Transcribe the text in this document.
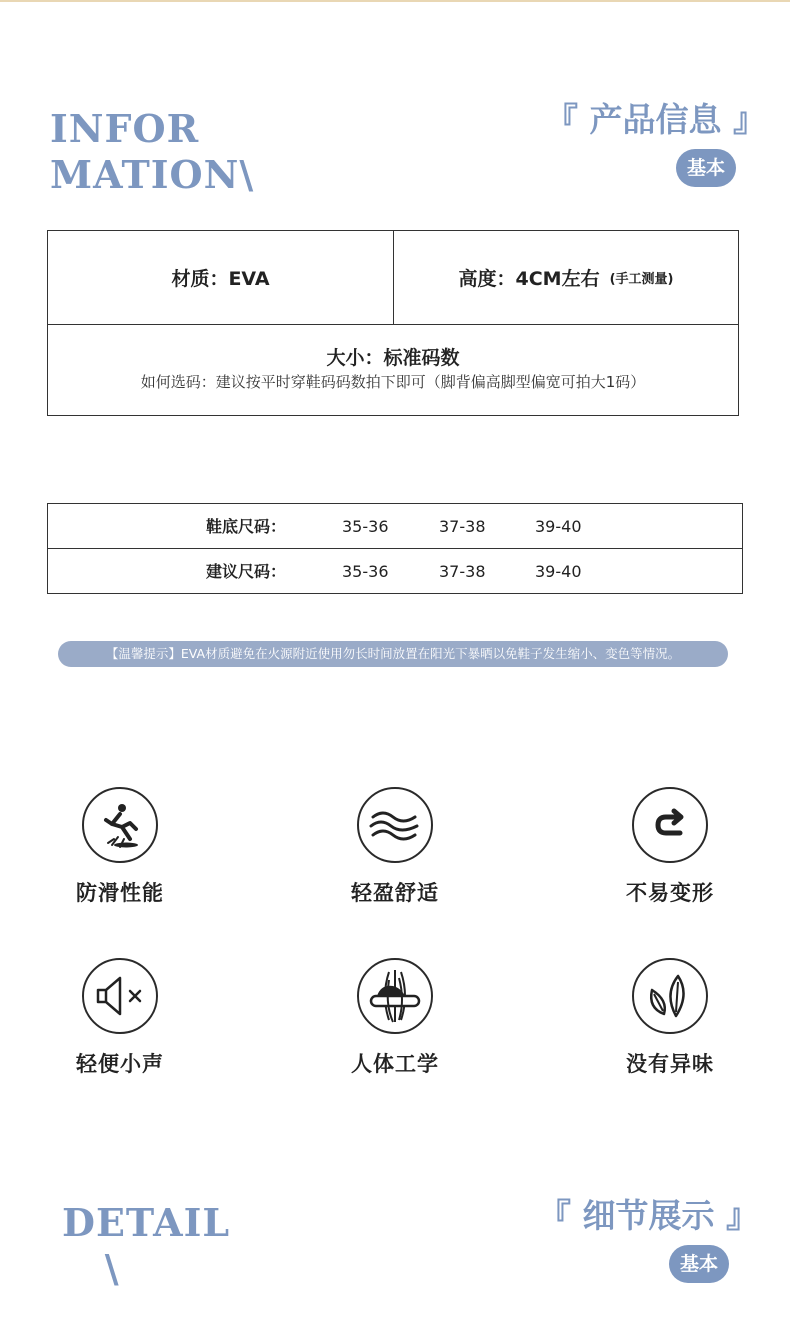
INFOR
MATION\
『 产品信息 』
基本
材质：EVA	高度：4CM左右 (手工测量)
大小：标准码数
如何选码：建议按平时穿鞋码码数拍下即可（脚背偏高脚型偏宽可拍大1码）
鞋底尺码：	35-36	37-38	39-40
建议尺码：	35-36	37-38	39-40
【温馨提示】EVA材质避免在火源附近使用勿长时间放置在阳光下暴晒以免鞋子发生缩小、变色等情况。
防滑性能	轻盈舒适	不易变形
轻便小声	人体工学	没有异味
DETAIL
\
『 细节展示 』
基本
